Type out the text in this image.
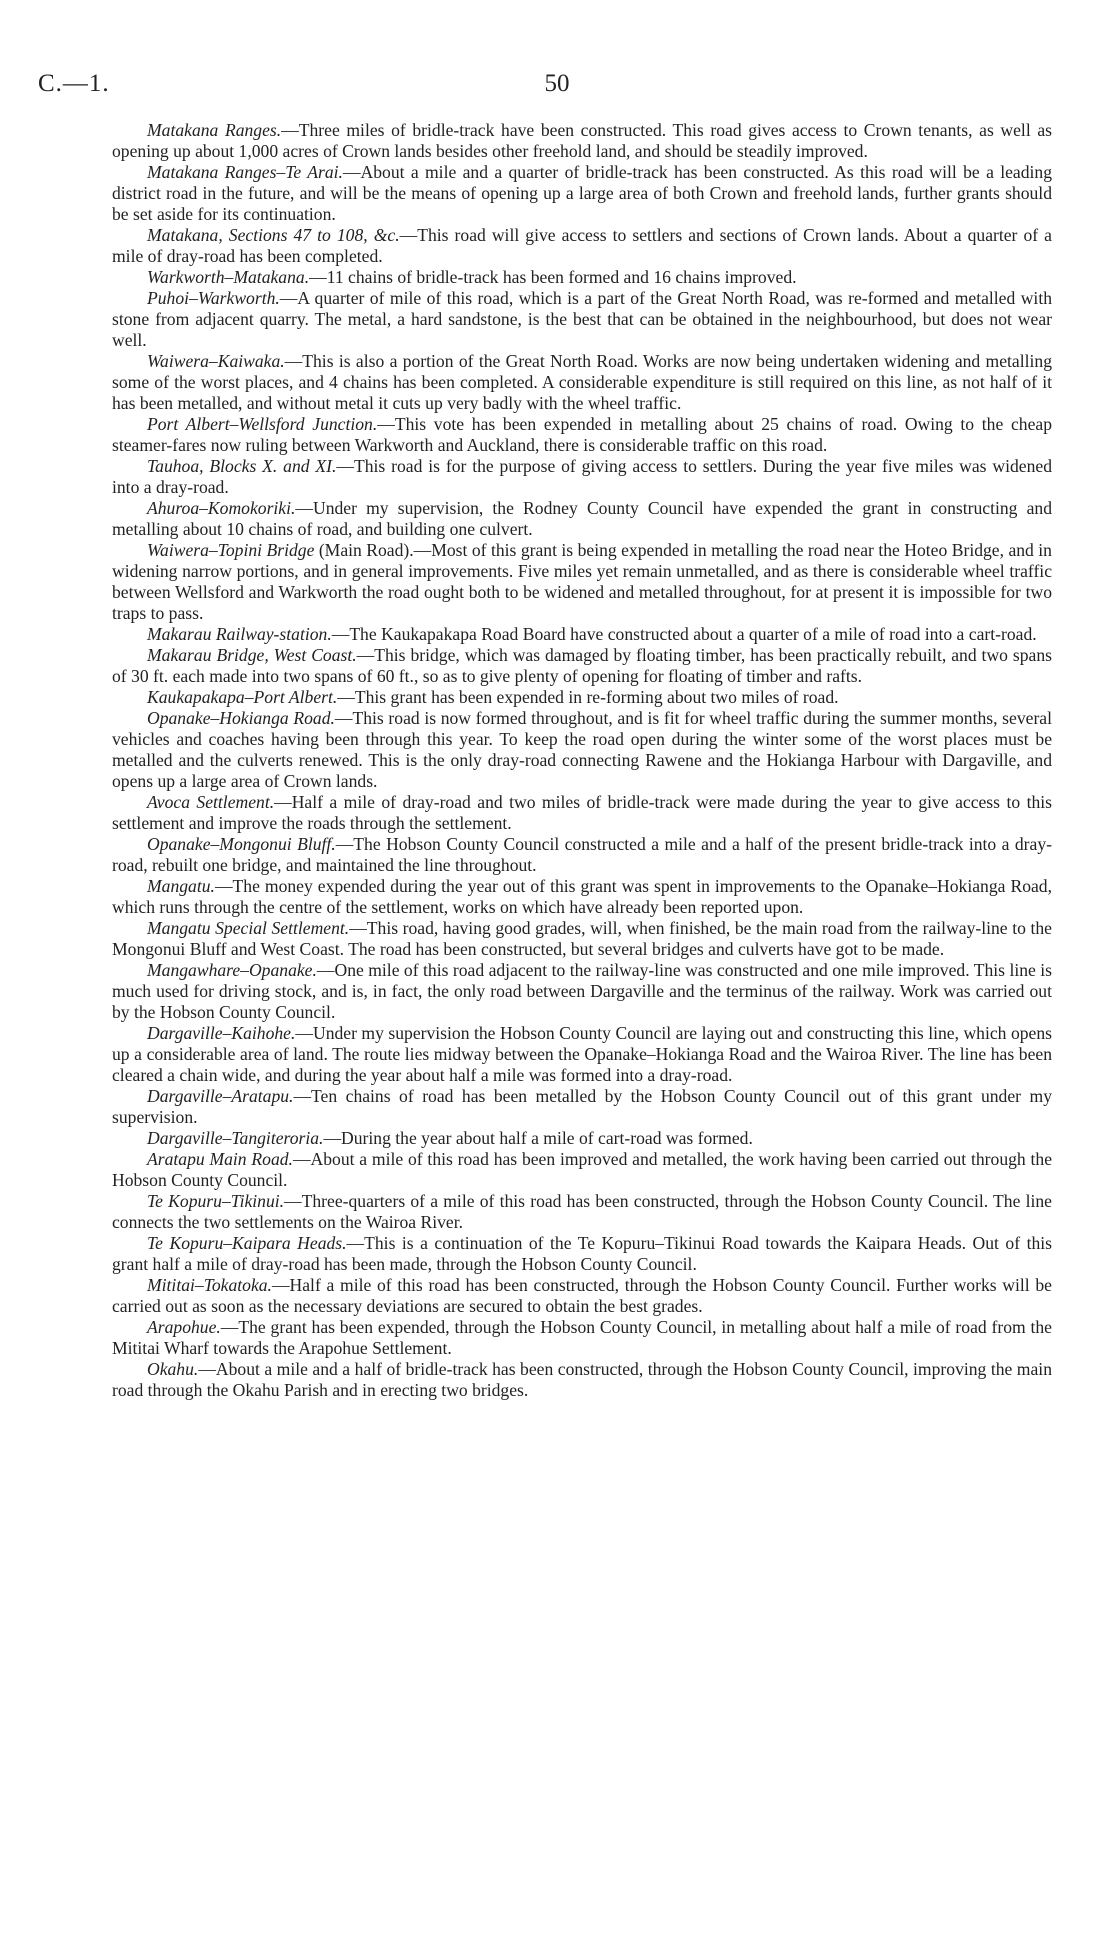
C.—1.	50

Matakana Ranges.—Three miles of bridle-track have been constructed. This road gives access to Crown tenants, as well as opening up about 1,000 acres of Crown lands besides other freehold land, and should be steadily improved.

Matakana Ranges–Te Arai.—About a mile and a quarter of bridle-track has been constructed. As this road will be a leading district road in the future, and will be the means of opening up a large area of both Crown and freehold lands, further grants should be set aside for its continuation.

Matakana, Sections 47 to 108, &c.—This road will give access to settlers and sections of Crown lands. About a quarter of a mile of dray-road has been completed.

Warkworth–Matakana.—11 chains of bridle-track has been formed and 16 chains improved.

Puhoi–Warkworth.—A quarter of mile of this road, which is a part of the Great North Road, was re-formed and metalled with stone from adjacent quarry. The metal, a hard sandstone, is the best that can be obtained in the neighbourhood, but does not wear well.

Waiwera–Kaiwaka.—This is also a portion of the Great North Road. Works are now being undertaken widening and metalling some of the worst places, and 4 chains has been completed. A considerable expenditure is still required on this line, as not half of it has been metalled, and without metal it cuts up very badly with the wheel traffic.

Port Albert–Wellsford Junction.—This vote has been expended in metalling about 25 chains of road. Owing to the cheap steamer-fares now ruling between Warkworth and Auckland, there is considerable traffic on this road.

Tauhoa, Blocks X. and XI.—This road is for the purpose of giving access to settlers. During the year five miles was widened into a dray-road.

Ahuroa–Komokoriki.—Under my supervision, the Rodney County Council have expended the grant in constructing and metalling about 10 chains of road, and building one culvert.

Waiwera–Topini Bridge (Main Road).—Most of this grant is being expended in metalling the road near the Hoteo Bridge, and in widening narrow portions, and in general improvements. Five miles yet remain unmetalled, and as there is considerable wheel traffic between Wellsford and Warkworth the road ought both to be widened and metalled throughout, for at present it is impossible for two traps to pass.

Makarau Railway-station.—The Kaukapakapa Road Board have constructed about a quarter of a mile of road into a cart-road.

Makarau Bridge, West Coast.—This bridge, which was damaged by floating timber, has been practically rebuilt, and two spans of 30 ft. each made into two spans of 60 ft., so as to give plenty of opening for floating of timber and rafts.

Kaukapakapa–Port Albert.—This grant has been expended in re-forming about two miles of road.

Opanake–Hokianga Road.—This road is now formed throughout, and is fit for wheel traffic during the summer months, several vehicles and coaches having been through this year. To keep the road open during the winter some of the worst places must be metalled and the culverts renewed. This is the only dray-road connecting Rawene and the Hokianga Harbour with Dargaville, and opens up a large area of Crown lands.

Avoca Settlement.—Half a mile of dray-road and two miles of bridle-track were made during the year to give access to this settlement and improve the roads through the settlement.

Opanake–Mongonui Bluff.—The Hobson County Council constructed a mile and a half of the present bridle-track into a dray-road, rebuilt one bridge, and maintained the line throughout.

Mangatu.—The money expended during the year out of this grant was spent in improvements to the Opanake–Hokianga Road, which runs through the centre of the settlement, works on which have already been reported upon.

Mangatu Special Settlement.—This road, having good grades, will, when finished, be the main road from the railway-line to the Mongonui Bluff and West Coast. The road has been constructed, but several bridges and culverts have got to be made.

Mangawhare–Opanake.—One mile of this road adjacent to the railway-line was constructed and one mile improved. This line is much used for driving stock, and is, in fact, the only road between Dargaville and the terminus of the railway. Work was carried out by the Hobson County Council.

Dargaville–Kaihohe.—Under my supervision the Hobson County Council are laying out and constructing this line, which opens up a considerable area of land. The route lies midway between the Opanake–Hokianga Road and the Wairoa River. The line has been cleared a chain wide, and during the year about half a mile was formed into a dray-road.

Dargaville–Aratapu.—Ten chains of road has been metalled by the Hobson County Council out of this grant under my supervision.

Dargaville–Tangiteroria.—During the year about half a mile of cart-road was formed.

Aratapu Main Road.—About a mile of this road has been improved and metalled, the work having been carried out through the Hobson County Council.

Te Kopuru–Tikinui.—Three-quarters of a mile of this road has been constructed, through the Hobson County Council. The line connects the two settlements on the Wairoa River.

Te Kopuru–Kaipara Heads.—This is a continuation of the Te Kopuru–Tikinui Road towards the Kaipara Heads. Out of this grant half a mile of dray-road has been made, through the Hobson County Council.

Mititai–Tokatoka.—Half a mile of this road has been constructed, through the Hobson County Council. Further works will be carried out as soon as the necessary deviations are secured to obtain the best grades.

Arapohue.—The grant has been expended, through the Hobson County Council, in metalling about half a mile of road from the Mititai Wharf towards the Arapohue Settlement.

Okahu.—About a mile and a half of bridle-track has been constructed, through the Hobson County Council, improving the main road through the Okahu Parish and in erecting two bridges.
